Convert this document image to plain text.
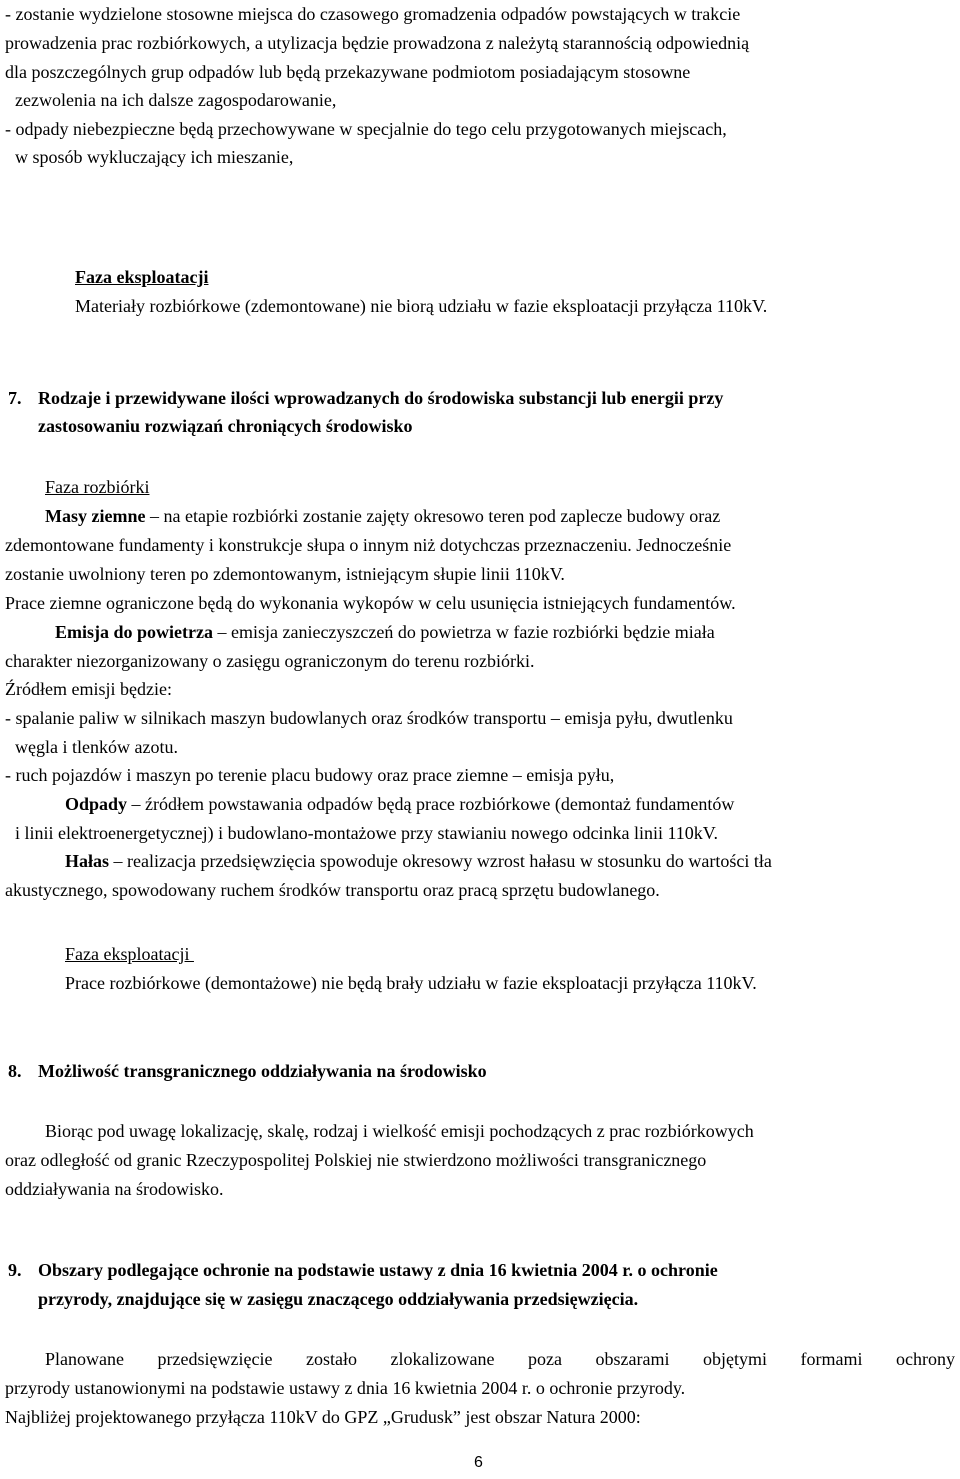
- zostanie wydzielone stosowne miejsca do czasowego gromadzenia odpadów powstających w trakcie
prowadzenia prac rozbiórkowych, a utylizacja będzie prowadzona z należytą starannością odpowiednią
dla poszczególnych grup odpadów lub będą przekazywane podmiotom posiadającym stosowne
zezwolenia na ich dalsze zagospodarowanie,
- odpady niebezpieczne będą przechowywane w specjalnie do tego celu przygotowanych miejscach,
w sposób wykluczający ich mieszanie,
Faza eksploatacji
Materiały rozbiórkowe (zdemontowane) nie biorą udziału w fazie eksploatacji przyłącza 110kV.
7. Rodzaje i przewidywane ilości wprowadzanych do środowiska substancji lub energii przy
zastosowaniu rozwiązań chroniących środowisko
Faza rozbiórki
Masy ziemne – na etapie rozbiórki zostanie zajęty okresowo teren pod zaplecze budowy oraz
zdemontowane fundamenty i konstrukcje słupa o innym niż dotychczas przeznaczeniu. Jednocześnie
zostanie uwolniony teren po zdemontowanym, istniejącym słupie linii 110kV.
Prace ziemne ograniczone będą do wykonania wykopów w celu usunięcia istniejących fundamentów.
Emisja do powietrza – emisja zanieczyszczeń do powietrza w fazie rozbiórki będzie miała
charakter niezorganizowany o zasięgu ograniczonym do terenu rozbiórki.
Źródłem emisji będzie:
- spalanie paliw w silnikach maszyn budowlanych oraz środków transportu – emisja pyłu, dwutlenku
węgla i tlenków azotu.
- ruch pojazdów i maszyn po terenie placu budowy oraz prace ziemne – emisja pyłu,
Odpady – źródłem powstawania odpadów będą prace rozbiórkowe (demontaż fundamentów
i linii elektroenergetycznej) i budowlano-montażowe przy stawianiu nowego odcinka linii 110kV.
Hałas – realizacja przedsięwzięcia spowoduje okresowy wzrost hałasu w stosunku do wartości tła
akustycznego, spowodowany ruchem środków transportu oraz pracą sprzętu budowlanego.
Faza eksploatacji
Prace rozbiórkowe (demontażowe) nie będą brały udziału w fazie eksploatacji przyłącza 110kV.
8. Możliwość transgranicznego oddziaływania na środowisko
Biorąc pod uwagę lokalizację, skalę, rodzaj i wielkość emisji pochodzących z prac rozbiórkowych
oraz odległość od granic Rzeczypospolitej Polskiej nie stwierdzono możliwości transgranicznego
oddziaływania na środowisko.
9. Obszary podlegające ochronie na podstawie ustawy z dnia 16 kwietnia 2004 r. o ochronie
przyrody, znajdujące się w zasięgu znaczącego oddziaływania przedsięwzięcia.
Planowane przedsięwzięcie zostało zlokalizowane poza obszarami objętymi formami ochrony
przyrody ustanowionymi na podstawie ustawy z dnia 16 kwietnia 2004 r. o ochronie przyrody.
Najbliżej projektowanego przyłącza 110kV do GPZ „Grudusk” jest obszar Natura 2000:
6
